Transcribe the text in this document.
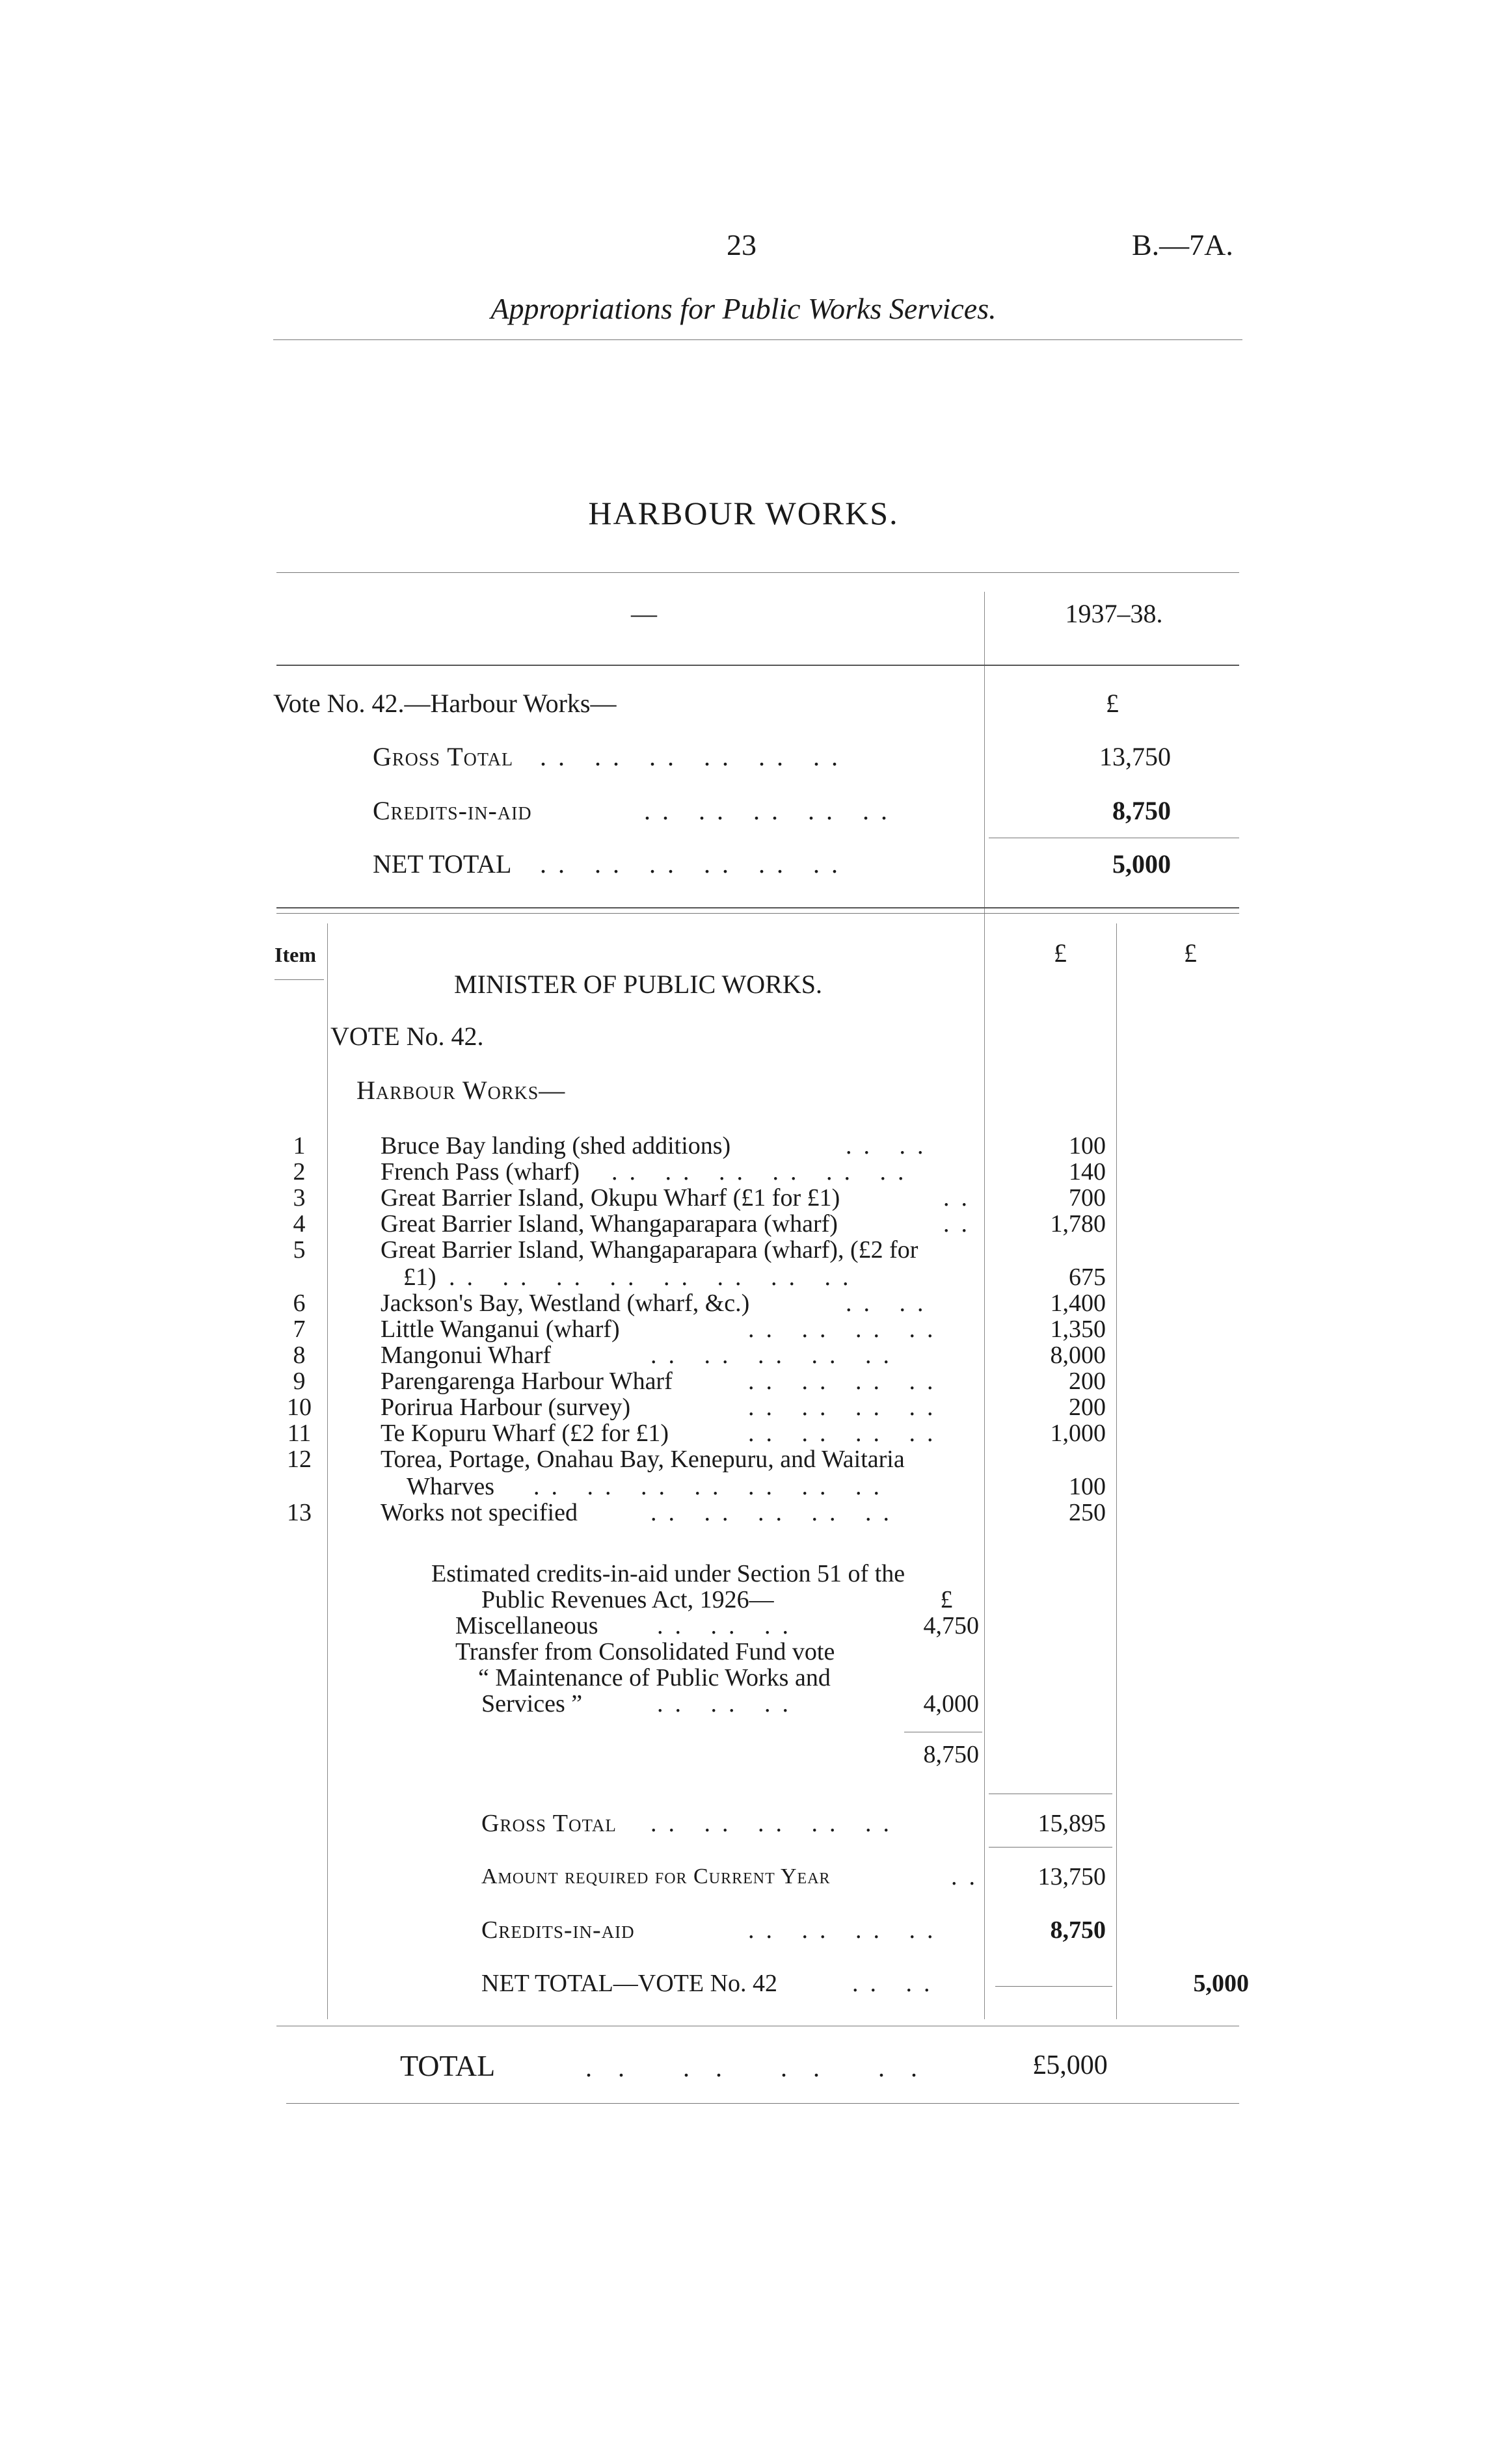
23	B.—7A.
Appropriations for Public Works Services.
HARBOUR WORKS.
—	1937–38.
Vote No. 42.—Harbour Works—	£
Gross Total .. .. .. .. .. ..	13,750
Credits-in-aid	.. .. .. .. ..	8,750
NET TOTAL .. .. .. .. .. ..	5,000
Item	£	£
MINISTER OF PUBLIC WORKS.
VOTE No. 42.
Harbour Works—
1	Bruce Bay landing (shed additions)	.. ..	100
2	French Pass (wharf) .. .. .. .. .. ..	140
3	Great Barrier Island, Okupu Wharf (£1 for £1)	..	700
4	Great Barrier Island, Whangaparapara (wharf)	..	1,780
5	Great Barrier Island, Whangaparapara (wharf), (£2 for
£1) .. .. .. .. .. .. .. ..	675
6	Jackson's Bay, Westland (wharf, &c.)	.. ..	1,400
7	Little Wanganui (wharf)	.. .. .. ..	1,350
8	Mangonui Wharf	.. .. .. .. ..	8,000
9	Parengarenga Harbour Wharf	.. .. .. ..	200
10	Porirua Harbour (survey)	.. .. .. ..	200
11	Te Kopuru Wharf (£2 for £1)	.. .. .. ..	1,000
12	Torea, Portage, Onahau Bay, Kenepuru, and Waitaria
Wharves .. .. .. .. .. .. ..	100
13	Works not specified	.. .. .. .. ..	250
Estimated credits-in-aid under Section 51 of the
Public Revenues Act, 1926—	£
Miscellaneous .. .. ..	4,750
Transfer from Consolidated Fund vote
“ Maintenance of Public Works and
Services ”	.. .. ..	4,000
8,750
Gross Total .. .. .. .. ..	15,895
Amount required for Current Year	..	13,750
Credits-in-aid	.. .. .. ..	8,750
NET TOTAL—VOTE No. 42	.. ..	5,000
TOTAL	.. .. .. ..	£5,000
